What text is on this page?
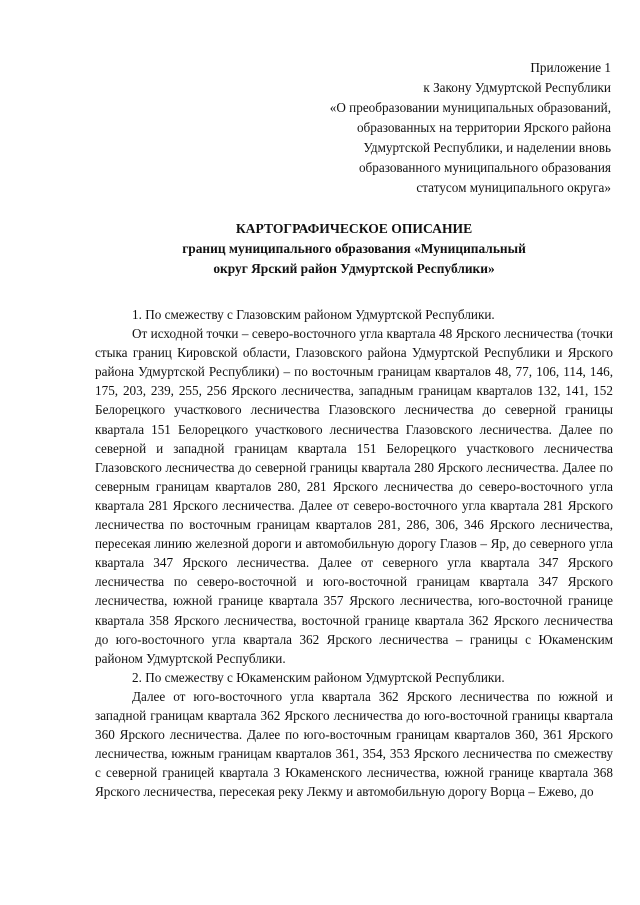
Приложение 1
к Закону Удмуртской Республики
«О преобразовании муниципальных образований,
образованных на территории Ярского района
Удмуртской Республики, и наделении вновь
образованного муниципального образования
статусом муниципального округа»
КАРТОГРАФИЧЕСКОЕ ОПИСАНИЕ
границ муниципального образования «Муниципальный
округ Ярский район Удмуртской Республики»

1. По смежеству с Глазовским районом Удмуртской Республики.

От исходной точки – северо-восточного угла квартала 48 Ярского лесничества (точки стыка границ Кировской области, Глазовского района Удмуртской Республики и Ярского района Удмуртской Республики) – по восточным границам кварталов 48, 77, 106, 114, 146, 175, 203, 239, 255, 256 Ярского лесничества, западным границам кварталов 132, 141, 152 Белорецкого участкового лесничества Глазовского лесничества до северной границы квартала 151 Белорецкого участкового лесничества Глазовского лесничества. Далее по северной и западной границам квартала 151 Белорецкого участкового лесничества Глазовского лесничества до северной границы квартала 280 Ярского лесничества. Далее по северным границам кварталов 280, 281 Ярского лесничества до северо-восточного угла квартала 281 Ярского лесничества. Далее от северо-восточного угла квартала 281 Ярского лесничества по восточным границам кварталов 281, 286, 306, 346 Ярского лесничества, пересекая линию железной дороги и автомобильную дорогу Глазов – Яр, до северного угла квартала 347 Ярского лесничества. Далее от северного угла квартала 347 Ярского лесничества по северо-восточной и юго-восточной границам квартала 347 Ярского лесничества, южной границе квартала 357 Ярского лесничества, юго-восточной границе квартала 358 Ярского лесничества, восточной границе квартала 362 Ярского лесничества до юго-восточного угла квартала 362 Ярского лесничества – границы с Юкаменским районом Удмуртской Республики.

2. По смежеству с Юкаменским районом Удмуртской Республики.

Далее от юго-восточного угла квартала 362 Ярского лесничества по южной и западной границам квартала 362 Ярского лесничества до юго-восточной границы квартала 360 Ярского лесничества. Далее по юго-восточным границам кварталов 360, 361 Ярского лесничества, южным границам кварталов 361, 354, 353 Ярского лесничества по смежеству с северной границей квартала 3 Юкаменского лесничества, южной границе квартала 368 Ярского лесничества, пересекая реку Лекму и автомобильную дорогу Ворца – Ежево, до
